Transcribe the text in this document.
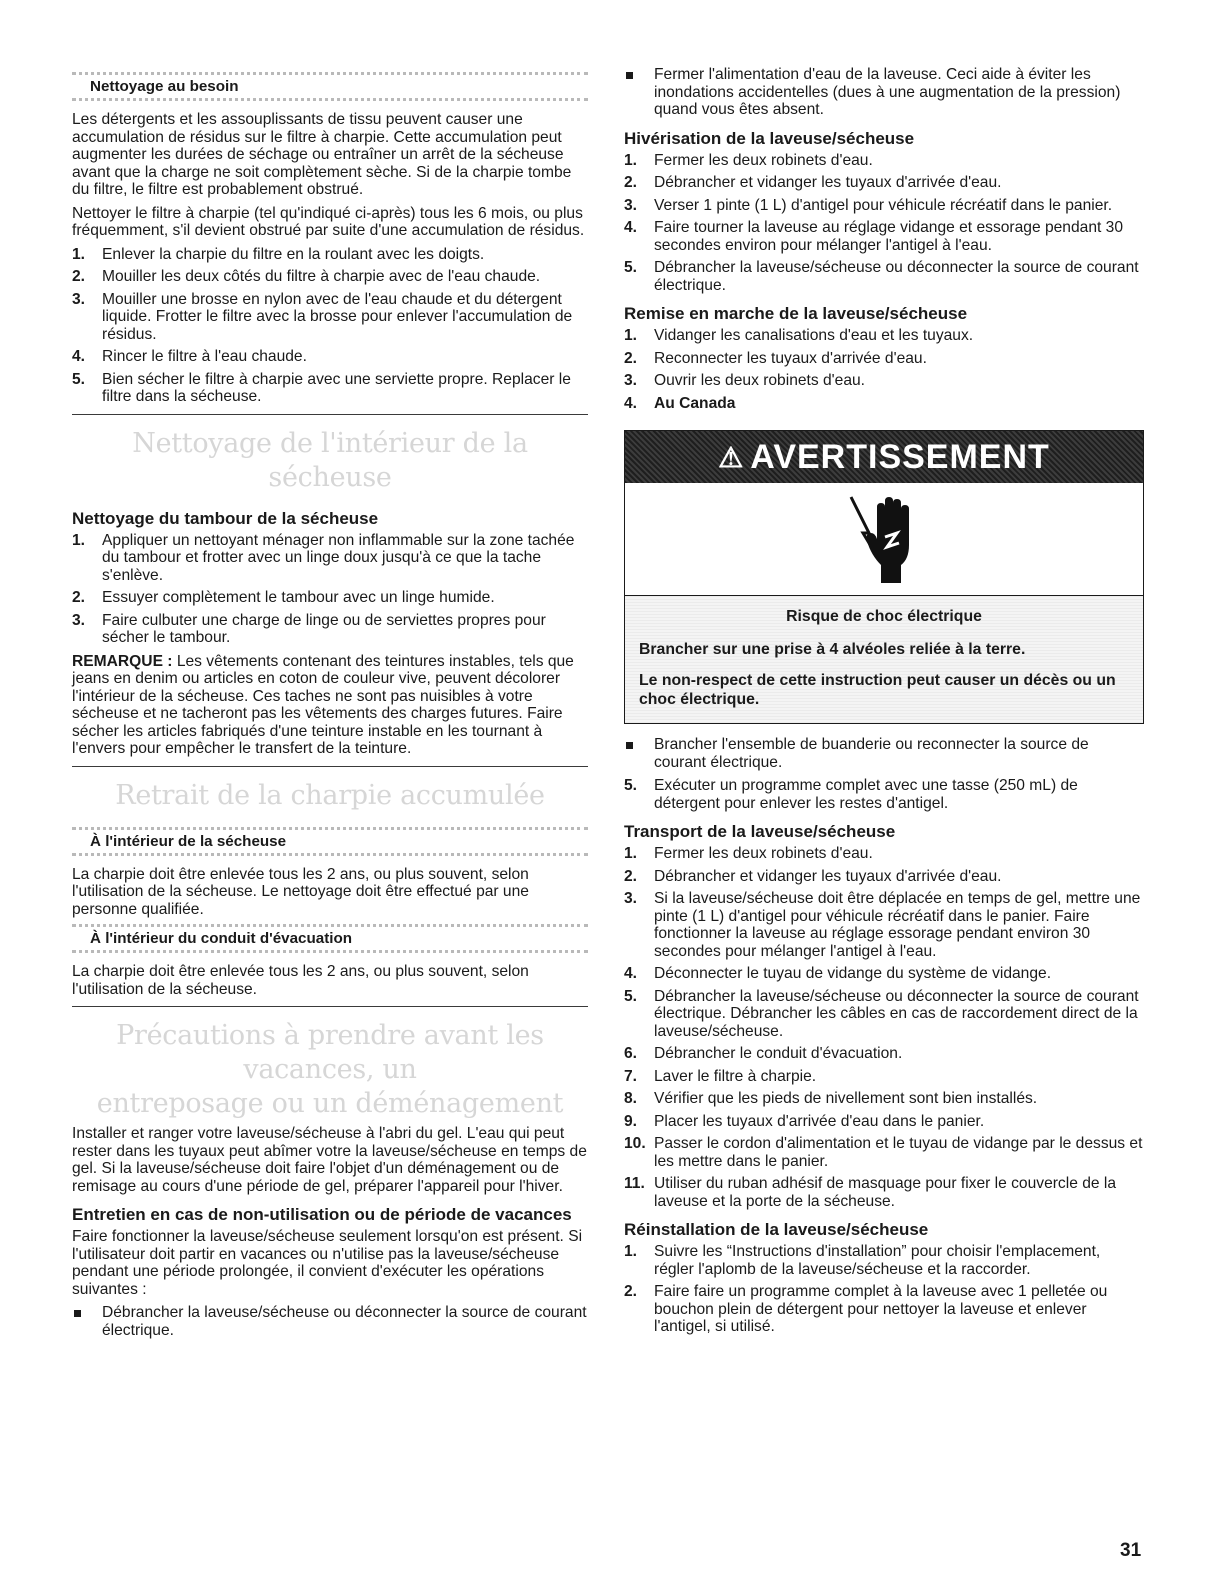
Nettoyage au besoin

Les détergents et les assouplissants de tissu peuvent causer une accumulation de résidus sur le filtre à charpie. Cette accumulation peut augmenter les durées de séchage ou entraîner un arrêt de la sécheuse avant que la charge ne soit complètement sèche. Si de la charpie tombe du filtre, le filtre est probablement obstrué.

Nettoyer le filtre à charpie (tel qu'indiqué ci-après) tous les 6 mois, ou plus fréquemment, s'il devient obstrué par suite d'une accumulation de résidus.

1. Enlever la charpie du filtre en la roulant avec les doigts.
2. Mouiller les deux côtés du filtre à charpie avec de l'eau chaude.
3. Mouiller une brosse en nylon avec de l'eau chaude et du détergent liquide. Frotter le filtre avec la brosse pour enlever l'accumulation de résidus.
4. Rincer le filtre à l'eau chaude.
5. Bien sécher le filtre à charpie avec une serviette propre. Replacer le filtre dans la sécheuse.
Nettoyage de l'intérieur de la sécheuse
Nettoyage du tambour de la sécheuse
1. Appliquer un nettoyant ménager non inflammable sur la zone tachée du tambour et frotter avec un linge doux jusqu'à ce que la tache s'enlève.
2. Essuyer complètement le tambour avec un linge humide.
3. Faire culbuter une charge de linge ou de serviettes propres pour sécher le tambour.

REMARQUE : Les vêtements contenant des teintures instables, tels que jeans en denim ou articles en coton de couleur vive, peuvent décolorer l'intérieur de la sécheuse. Ces taches ne sont pas nuisibles à votre sécheuse et ne tacheront pas les vêtements des charges futures. Faire sécher les articles fabriqués d'une teinture instable en les tournant à l'envers pour empêcher le transfert de la teinture.

Retrait de la charpie accumulée
À l'intérieur de la sécheuse

La charpie doit être enlevée tous les 2 ans, ou plus souvent, selon l'utilisation de la sécheuse. Le nettoyage doit être effectué par une personne qualifiée.

À l'intérieur du conduit d'évacuation

La charpie doit être enlevée tous les 2 ans, ou plus souvent, selon l'utilisation de la sécheuse.

Précautions à prendre avant les vacances, un
entreposage ou un déménagement

Installer et ranger votre laveuse/sécheuse à l'abri du gel. L'eau qui peut rester dans les tuyaux peut abîmer votre la laveuse/sécheuse en temps de gel. Si la laveuse/sécheuse doit faire l'objet d'un déménagement ou de remisage au cours d'une période de gel, préparer l'appareil pour l'hiver.

Entretien en cas de non-utilisation ou de période de vacances

Faire fonctionner la laveuse/sécheuse seulement lorsqu'on est présent. Si l'utilisateur doit partir en vacances ou n'utilise pas la laveuse/sécheuse pendant une période prolongée, il convient d'exécuter les opérations suivantes :

Débrancher la laveuse/sécheuse ou déconnecter la source de courant électrique.
Fermer l'alimentation d'eau de la laveuse. Ceci aide à éviter les inondations accidentelles (dues à une augmentation de la pression) quand vous êtes absent.
Hivérisation de la laveuse/sécheuse
1. Fermer les deux robinets d'eau.
2. Débrancher et vidanger les tuyaux d'arrivée d'eau.
3. Verser 1 pinte (1 L) d'antigel pour véhicule récréatif dans le panier.
4. Faire tourner la laveuse au réglage vidange et essorage pendant 30 secondes environ pour mélanger l'antigel à l'eau.
5. Débrancher la laveuse/sécheuse ou déconnecter la source de courant électrique.
Remise en marche de la laveuse/sécheuse
1. Vidanger les canalisations d'eau et les tuyaux.
2. Reconnecter les tuyaux d'arrivée d'eau.
3. Ouvrir les deux robinets d'eau.
4. Au Canada
⚠ AVERTISSEMENT
Risque de choc électrique
Brancher sur une prise à 4 alvéoles reliée à la terre.
Le non-respect de cette instruction peut causer un décès ou un choc électrique.
Brancher l'ensemble de buanderie ou reconnecter la source de courant électrique.
5. Exécuter un programme complet avec une tasse (250 mL) de détergent pour enlever les restes d'antigel.
Transport de la laveuse/sécheuse
1. Fermer les deux robinets d'eau.
2. Débrancher et vidanger les tuyaux d'arrivée d'eau.
3. Si la laveuse/sécheuse doit être déplacée en temps de gel, mettre une pinte (1 L) d'antigel pour véhicule récréatif dans le panier. Faire fonctionner la laveuse au réglage essorage pendant environ 30 secondes pour mélanger l'antigel à l'eau.
4. Déconnecter le tuyau de vidange du système de vidange.
5. Débrancher la laveuse/sécheuse ou déconnecter la source de courant électrique. Débrancher les câbles en cas de raccordement direct de la laveuse/sécheuse.
6. Débrancher le conduit d'évacuation.
7. Laver le filtre à charpie.
8. Vérifier que les pieds de nivellement sont bien installés.
9. Placer les tuyaux d'arrivée d'eau dans le panier.
10. Passer le cordon d'alimentation et le tuyau de vidange par le dessus et les mettre dans le panier.
11. Utiliser du ruban adhésif de masquage pour fixer le couvercle de la laveuse et la porte de la sécheuse.
Réinstallation de la laveuse/sécheuse
1. Suivre les “Instructions d'installation” pour choisir l'emplacement, régler l'aplomb de la laveuse/sécheuse et la raccorder.
2. Faire faire un programme complet à la laveuse avec 1 pelletée ou bouchon plein de détergent pour nettoyer la laveuse et enlever l'antigel, si utilisé.
31
